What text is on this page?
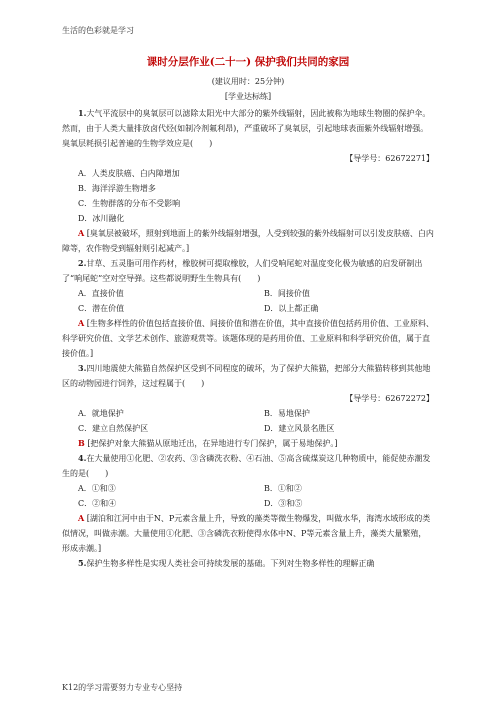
生活的色彩就是学习

课时分层作业(二十一) 保护我们共同的家园

(建议用时：25分钟)

[学业达标练]

1.大气平流层中的臭氧层可以滤除太阳光中大部分的紫外线辐射，因此被称为地球生物圈的保护伞。然而，由于人类大量排放卤代烃(如制冷剂氟利昂)，严重破坏了臭氧层，引起地球表面紫外线辐射增强。臭氧层耗损引起普遍的生物学效应是(　　)

【导学号：62672271】

A．人类皮肤癌、白内障增加

B．海洋浮游生物增多

C．生物群落的分布不受影响

D．冰川融化

A [臭氧层被破坏，照射到地面上的紫外线辐射增强，人受到较强的紫外线辐射可以引发皮肤癌、白内障等，农作物受到辐射则引起减产。]

2.甘草、五灵脂可用作药材，橡胶树可提取橡胶，人们受响尾蛇对温度变化极为敏感的启发研制出了“响尾蛇”空对空导弹。这些都说明野生生物具有(　　)

A．直接价值	B．间接价值

C．潜在价值	D．以上都正确

A [生物多样性的价值包括直接价值、间接价值和潜在价值，其中直接价值包括药用价值、工业原料、科学研究价值、文学艺术创作、旅游观赏等。该题体现的是药用价值、工业原料和科学研究价值，属于直接价值。]

3.四川地震使大熊猫自然保护区受到不同程度的破坏，为了保护大熊猫，把部分大熊猫转移到其他地区的动物园进行饲养，这过程属于(　　)

【导学号：62672272】

A．就地保护	B．易地保护

C．建立自然保护区	D．建立风景名胜区

B [把保护对象大熊猫从原地迁出，在异地进行专门保护，属于易地保护。]

4.在大量使用①化肥、②农药、③含磷洗衣粉、④石油、⑤高含硫煤炭这几种物质中，能促使赤潮发生的是(　　)

A．①和③	B．①和②

C．②和④	D．③和⑤

A [湖泊和江河中由于N、P元素含量上升，导致的藻类等微生物爆发，叫做水华，海湾水域形成的类似情况，叫做赤潮。大量使用①化肥、③含磷洗衣粉使得水体中N、P等元素含量上升，藻类大量繁殖，形成赤潮。]

5.保护生物多样性是实现人类社会可持续发展的基础。下列对生物多样性的理解正确

K12的学习需要努力专业专心坚持
